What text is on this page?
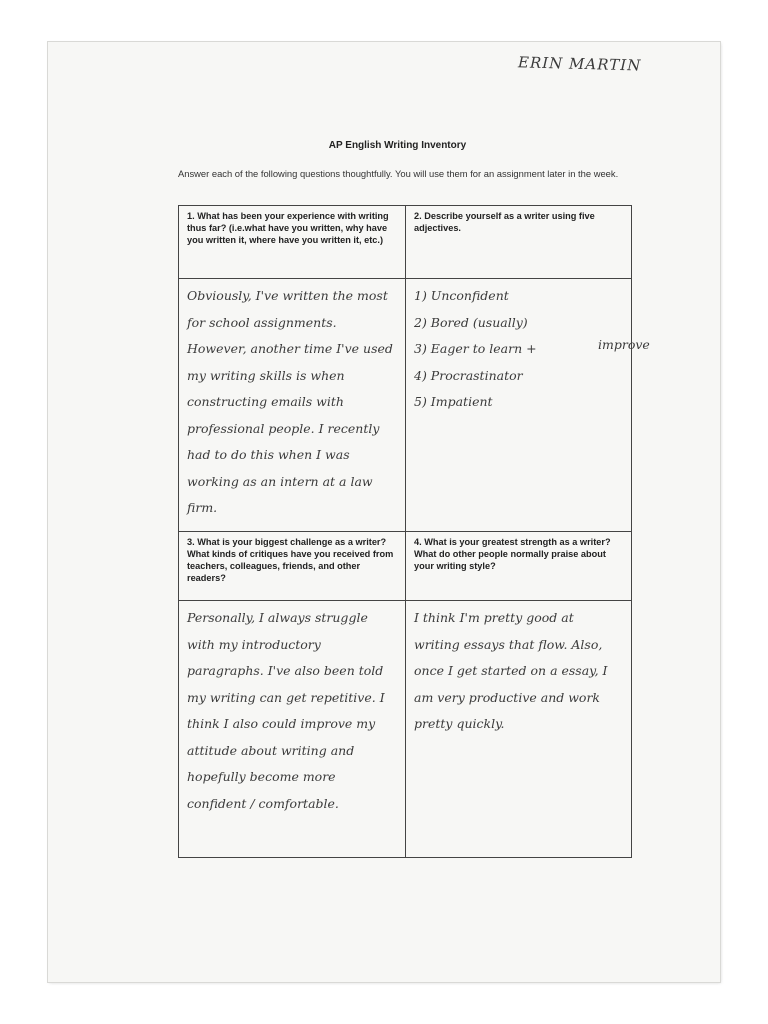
ERIN MARTIN
AP English Writing Inventory
Answer each of the following questions thoughtfully. You will use them for an assignment later in the week.
1. What has been your experience with writing thus far? (i.e.what have you written, why have you written it, where have you written it, etc.)
2. Describe yourself as a writer using five adjectives.
Obviously, I've written the most for school assignments. However, another time I've used my writing skills is when constructing emails with professional people. I recently had to do this when I was working as an intern at a law firm.
1) Unconfident
2) Bored (usually)
3) Eager to learn +
4) Procrastinator
5) Impatient
3. What is your biggest challenge as a writer? What kinds of critiques have you received from teachers, colleagues, friends, and other readers?
4. What is your greatest strength as a writer? What do other people normally praise about your writing style?
Personally, I always struggle with my introductory paragraphs. I've also been told my writing can get repetitive. I think I also could improve my attitude about writing and hopefully become more confident / comfortable.
I think I'm pretty good at writing essays that flow. Also, once I get started on a essay, I am very productive and work pretty quickly.
improve
